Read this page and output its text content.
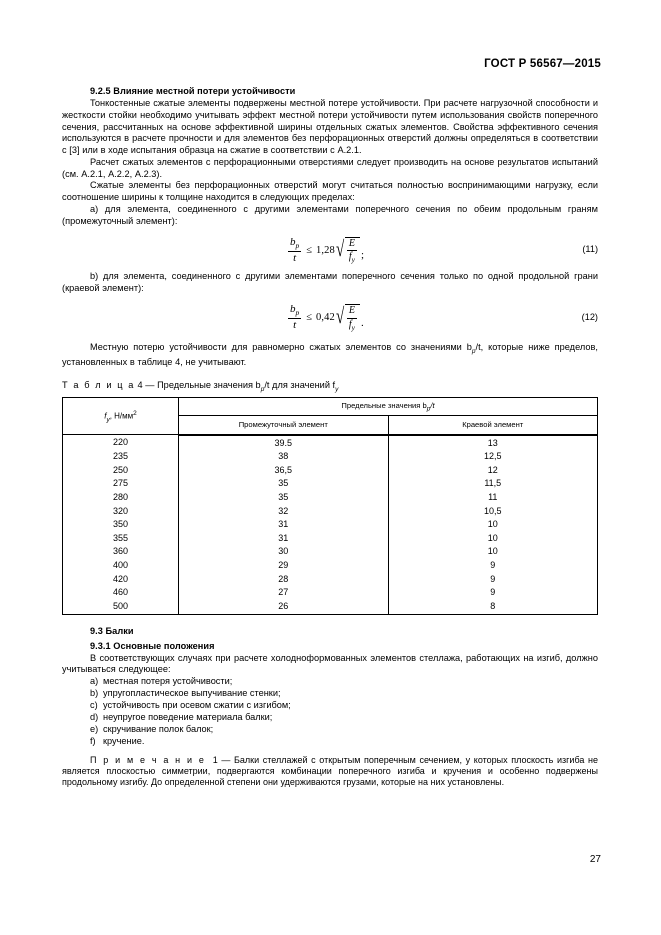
ГОСТ Р 56567—2015
9.2.5 Влияние местной потери устойчивости

Тонкостенные сжатые элементы подвержены местной потере устойчивости. При расчете нагрузочной способности и жесткости стойки необходимо учитывать эффект местной потери устойчивости путем использования свойств поперечного сечения, рассчитанных на основе эффективной ширины отдельных сжатых элементов. Свойства эффективного сечения используются в расчете прочности и для элементов без перфорационных отверстий должны определяться в соответствии с [3] или в ходе испытания образца на сжатие в соответствии с А.2.1.

Расчет сжатых элементов с перфорационными отверстиями следует производить на основе результатов испытаний (см. А.2.1, А.2.2, А.2.3).

Сжатые элементы без перфорационных отверстий могут считаться полностью воспринимающими нагрузку, если соотношение ширины к толщине находится в следующих пределах:

а) для элемента, соединенного с другими элементами поперечного сечения по обеим продольным граням (промежуточный элемент):

$\frac{b_p}{t} \le 1,28$ √ $\frac{E}{f_y}$ ;	(11)

b) для элемента, соединенного с другими элементами поперечного сечения только по одной продольной грани (краевой элемент):

$\frac{b_p}{t} \le 0,42$ √ $\frac{E}{f_y}$ .	(12)

Местную потерю устойчивости для равномерно сжатых элементов со значениями $b_p/t$, которые ниже пределов, установленных в таблице 4, не учитывают.

Т а б л и ц а 4 — Предельные значения $b_p/t$ для значений $f_y$
$f_y$, $Н/мм^2$	Предельные значения $b_p/t$	
	Промежуточный элемент	Краевой элемент
220	39.5	13
235	38	12,5
250	36,5	12
275	35	11,5
280	35	11
320	32	10,5
350	31	10
355	31	10
360	30	10
400	29	9
420	28	9
460	27	9
500	26	8
9.3 Балки
9.3.1 Основные положения

В соответствующих случаях при расчете холодноформованных элементов стеллажа, работающих на изгиб, должно учитываться следующее:

a) местная потеря устойчивости;
b) упругопластическое выпучивание стенки;
c) устойчивость при осевом сжатии с изгибом;
d) неупругое поведение материала балки;
e) скручивание полок балок;
f) кручение.

П р и м е ч а н и е 1 — Балки стеллажей с открытым поперечным сечением, у которых плоскость изгиба не является плоскостью симметрии, подвергаются комбинации поперечного изгиба и кручения и особенно подвержены продольному изгибу. До определенной степени они удерживаются грузами, которые на них установлены.

27
